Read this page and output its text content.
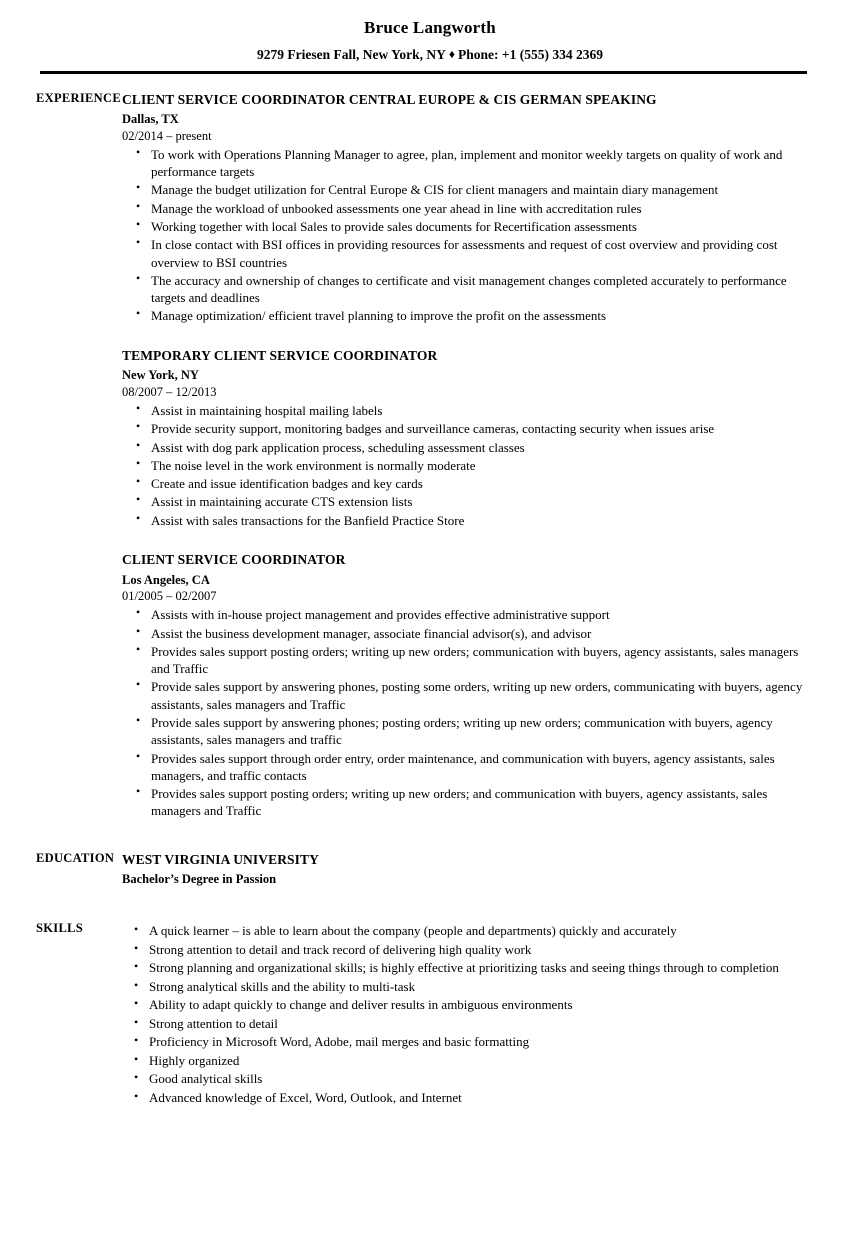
Bruce Langworth
9279 Friesen Fall, New York, NY ♦ Phone: +1 (555) 334 2369
EXPERIENCE CLIENT SERVICE COORDINATOR CENTRAL EUROPE & CIS GERMAN SPEAKING
Dallas, TX
02/2014 – present
• To work with Operations Planning Manager to agree, plan, implement and monitor weekly targets on quality of work and performance targets
• Manage the budget utilization for Central Europe & CIS for client managers and maintain diary management
• Manage the workload of unbooked assessments one year ahead in line with accreditation rules
• Working together with local Sales to provide sales documents for Recertification assessments
• In close contact with BSI offices in providing resources for assessments and request of cost overview and providing cost overview to BSI countries
• The accuracy and ownership of changes to certificate and visit management changes completed accurately to performance targets and deadlines
• Manage optimization/ efficient travel planning to improve the profit on the assessments
TEMPORARY CLIENT SERVICE COORDINATOR
New York, NY
08/2007 – 12/2013
• Assist in maintaining hospital mailing labels
• Provide security support, monitoring badges and surveillance cameras, contacting security when issues arise
• Assist with dog park application process, scheduling assessment classes
• The noise level in the work environment is normally moderate
• Create and issue identification badges and key cards
• Assist in maintaining accurate CTS extension lists
• Assist with sales transactions for the Banfield Practice Store
CLIENT SERVICE COORDINATOR
Los Angeles, CA
01/2005 – 02/2007
• Assists with in-house project management and provides effective administrative support
• Assist the business development manager, associate financial advisor(s), and advisor
• Provides sales support posting orders; writing up new orders; communication with buyers, agency assistants, sales managers and Traffic
• Provide sales support by answering phones, posting some orders, writing up new orders, communicating with buyers, agency assistants, sales managers and Traffic
• Provide sales support by answering phones; posting orders; writing up new orders; communication with buyers, agency assistants, sales managers and traffic
• Provides sales support through order entry, order maintenance, and communication with buyers, agency assistants, sales managers, and traffic contacts
• Provides sales support posting orders; writing up new orders; and communication with buyers, agency assistants, sales managers and Traffic
EDUCATION WEST VIRGINIA UNIVERSITY
Bachelor’s Degree in Passion
SKILLS	• A quick learner – is able to learn about the company (people and departments) quickly and accurately
• Strong attention to detail and track record of delivering high quality work
• Strong planning and organizational skills; is highly effective at prioritizing tasks and seeing things through to completion
• Strong analytical skills and the ability to multi-task
• Ability to adapt quickly to change and deliver results in ambiguous environments
• Strong attention to detail
• Proficiency in Microsoft Word, Adobe, mail merges and basic formatting
• Highly organized
• Good analytical skills
• Advanced knowledge of Excel, Word, Outlook, and Internet
